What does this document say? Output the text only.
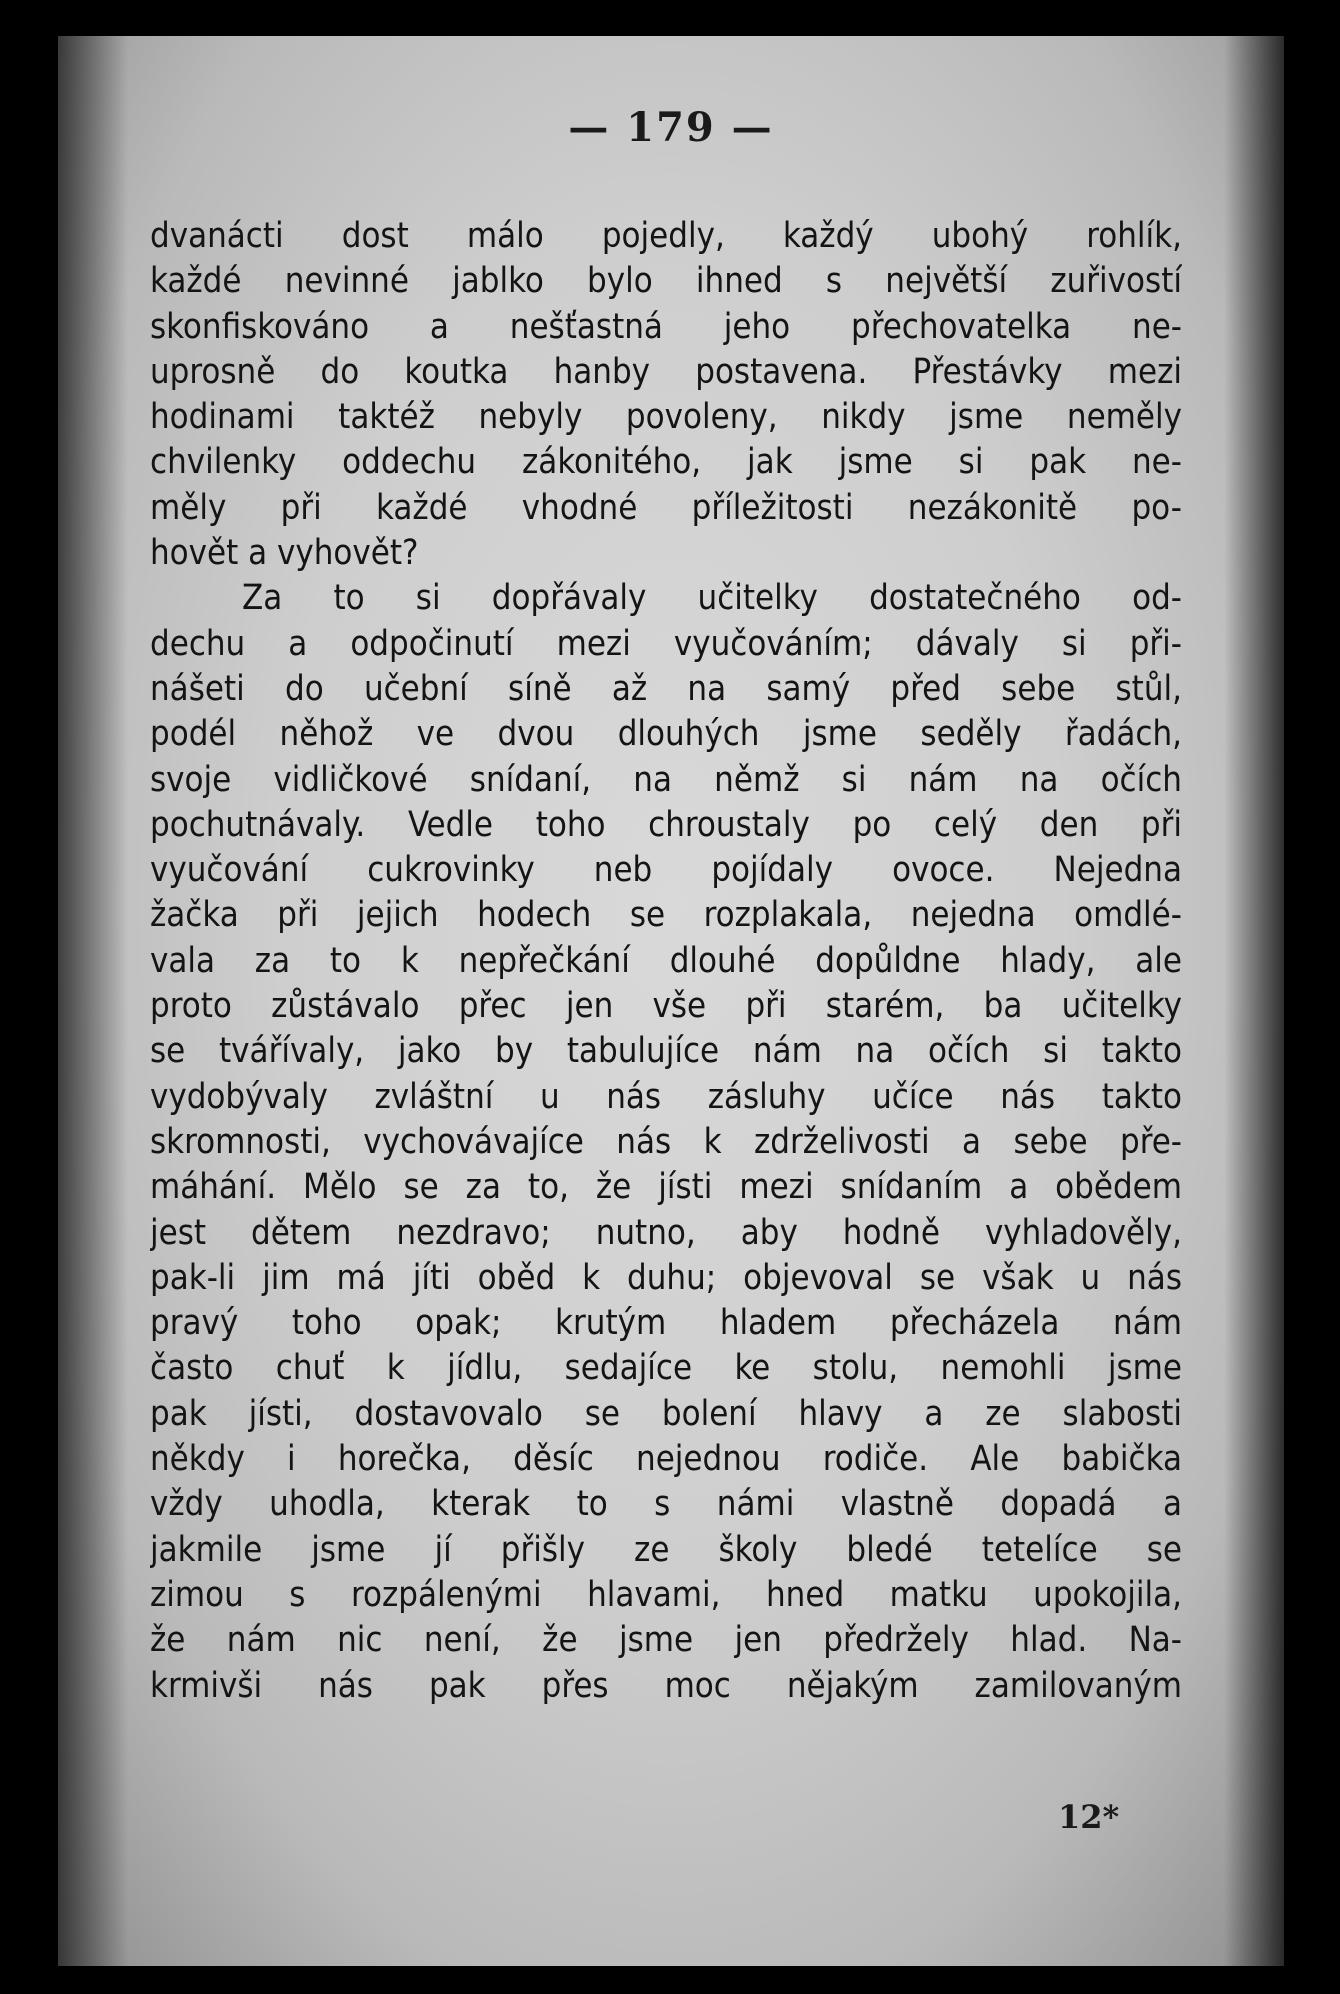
— 179 —
dvanácti dost málo pojedly, každý ubohý rohlík,
každé nevinné jablko bylo ihned s největší zuřivostí
skonfiskováno a nešťastná jeho přechovatelka ne-
uprosně do koutka hanby postavena. Přestávky mezi
hodinami taktéž nebyly povoleny, nikdy jsme neměly
chvilenky oddechu zákonitého, jak jsme si pak ne-
měly při každé vhodné příležitosti nezákonitě po-
hovět a vyhovět?
Za to si dopřávaly učitelky dostatečného od-
dechu a odpočinutí mezi vyučováním; dávaly si při-
nášeti do učební síně až na samý před sebe stůl,
podél něhož ve dvou dlouhých jsme seděly řadách,
svoje vidličkové snídaní, na němž si nám na očích
pochutnávaly. Vedle toho chroustaly po celý den při
vyučování cukrovinky neb pojídaly ovoce. Nejedna
žačka při jejich hodech se rozplakala, nejedna omdlé-
vala za to k nepřečkání dlouhé dopůldne hlady, ale
proto zůstávalo přec jen vše při starém, ba učitelky
se tvářívaly, jako by tabulujíce nám na očích si takto
vydobývaly zvláštní u nás zásluhy učíce nás takto
skromnosti, vychovávajíce nás k zdrželivosti a sebe pře-
máhání. Mělo se za to, že jísti mezi snídaním a obědem
jest dětem nezdravo; nutno, aby hodně vyhladověly,
pak-li jim má jíti oběd k duhu; objevoval se však u nás
pravý toho opak; krutým hladem přecházela nám
často chuť k jídlu, sedajíce ke stolu, nemohli jsme
pak jísti, dostavovalo se bolení hlavy a ze slabosti
někdy i horečka, děsíc nejednou rodiče. Ale babička
vždy uhodla, kterak to s námi vlastně dopadá a
jakmile jsme jí přišly ze školy bledé tetelíce se
zimou s rozpálenými hlavami, hned matku upokojila,
že nám nic není, že jsme jen předržely hlad. Na-
krmivši nás pak přes moc nějakým zamilovaným
12*
